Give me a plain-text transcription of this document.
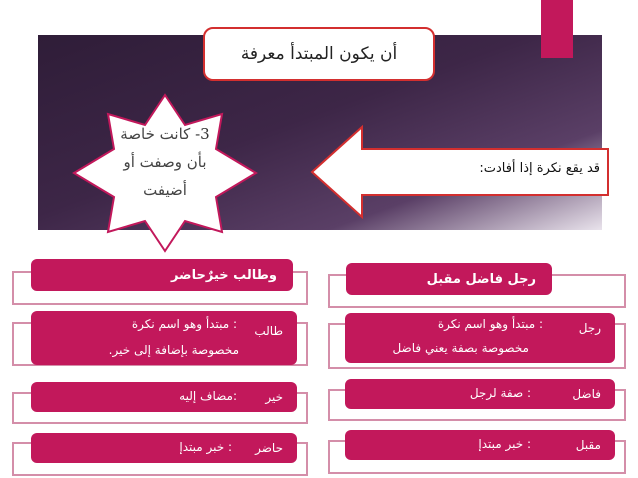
أن يكون المبتدأ معرفة
3- كانت خاصة
بأن وصفت أو
أضيفت
قد يقع نكرة إذا أفادت:
وطالب خيرٌحاضر
طالب
: مبتدأ وهو اسم نكرة
مخصوصة بإضافة إلى خير.
خير
:مضاف إليه
حاضر
: خبر مبتدإ
رجل فاضل مقبل
رجل
: مبتدأ وهو اسم نكرة
مخصوصة بصفة يعني فاضل
فاضل
: صفة لرجل
مقبل
: خبر مبتدإ
